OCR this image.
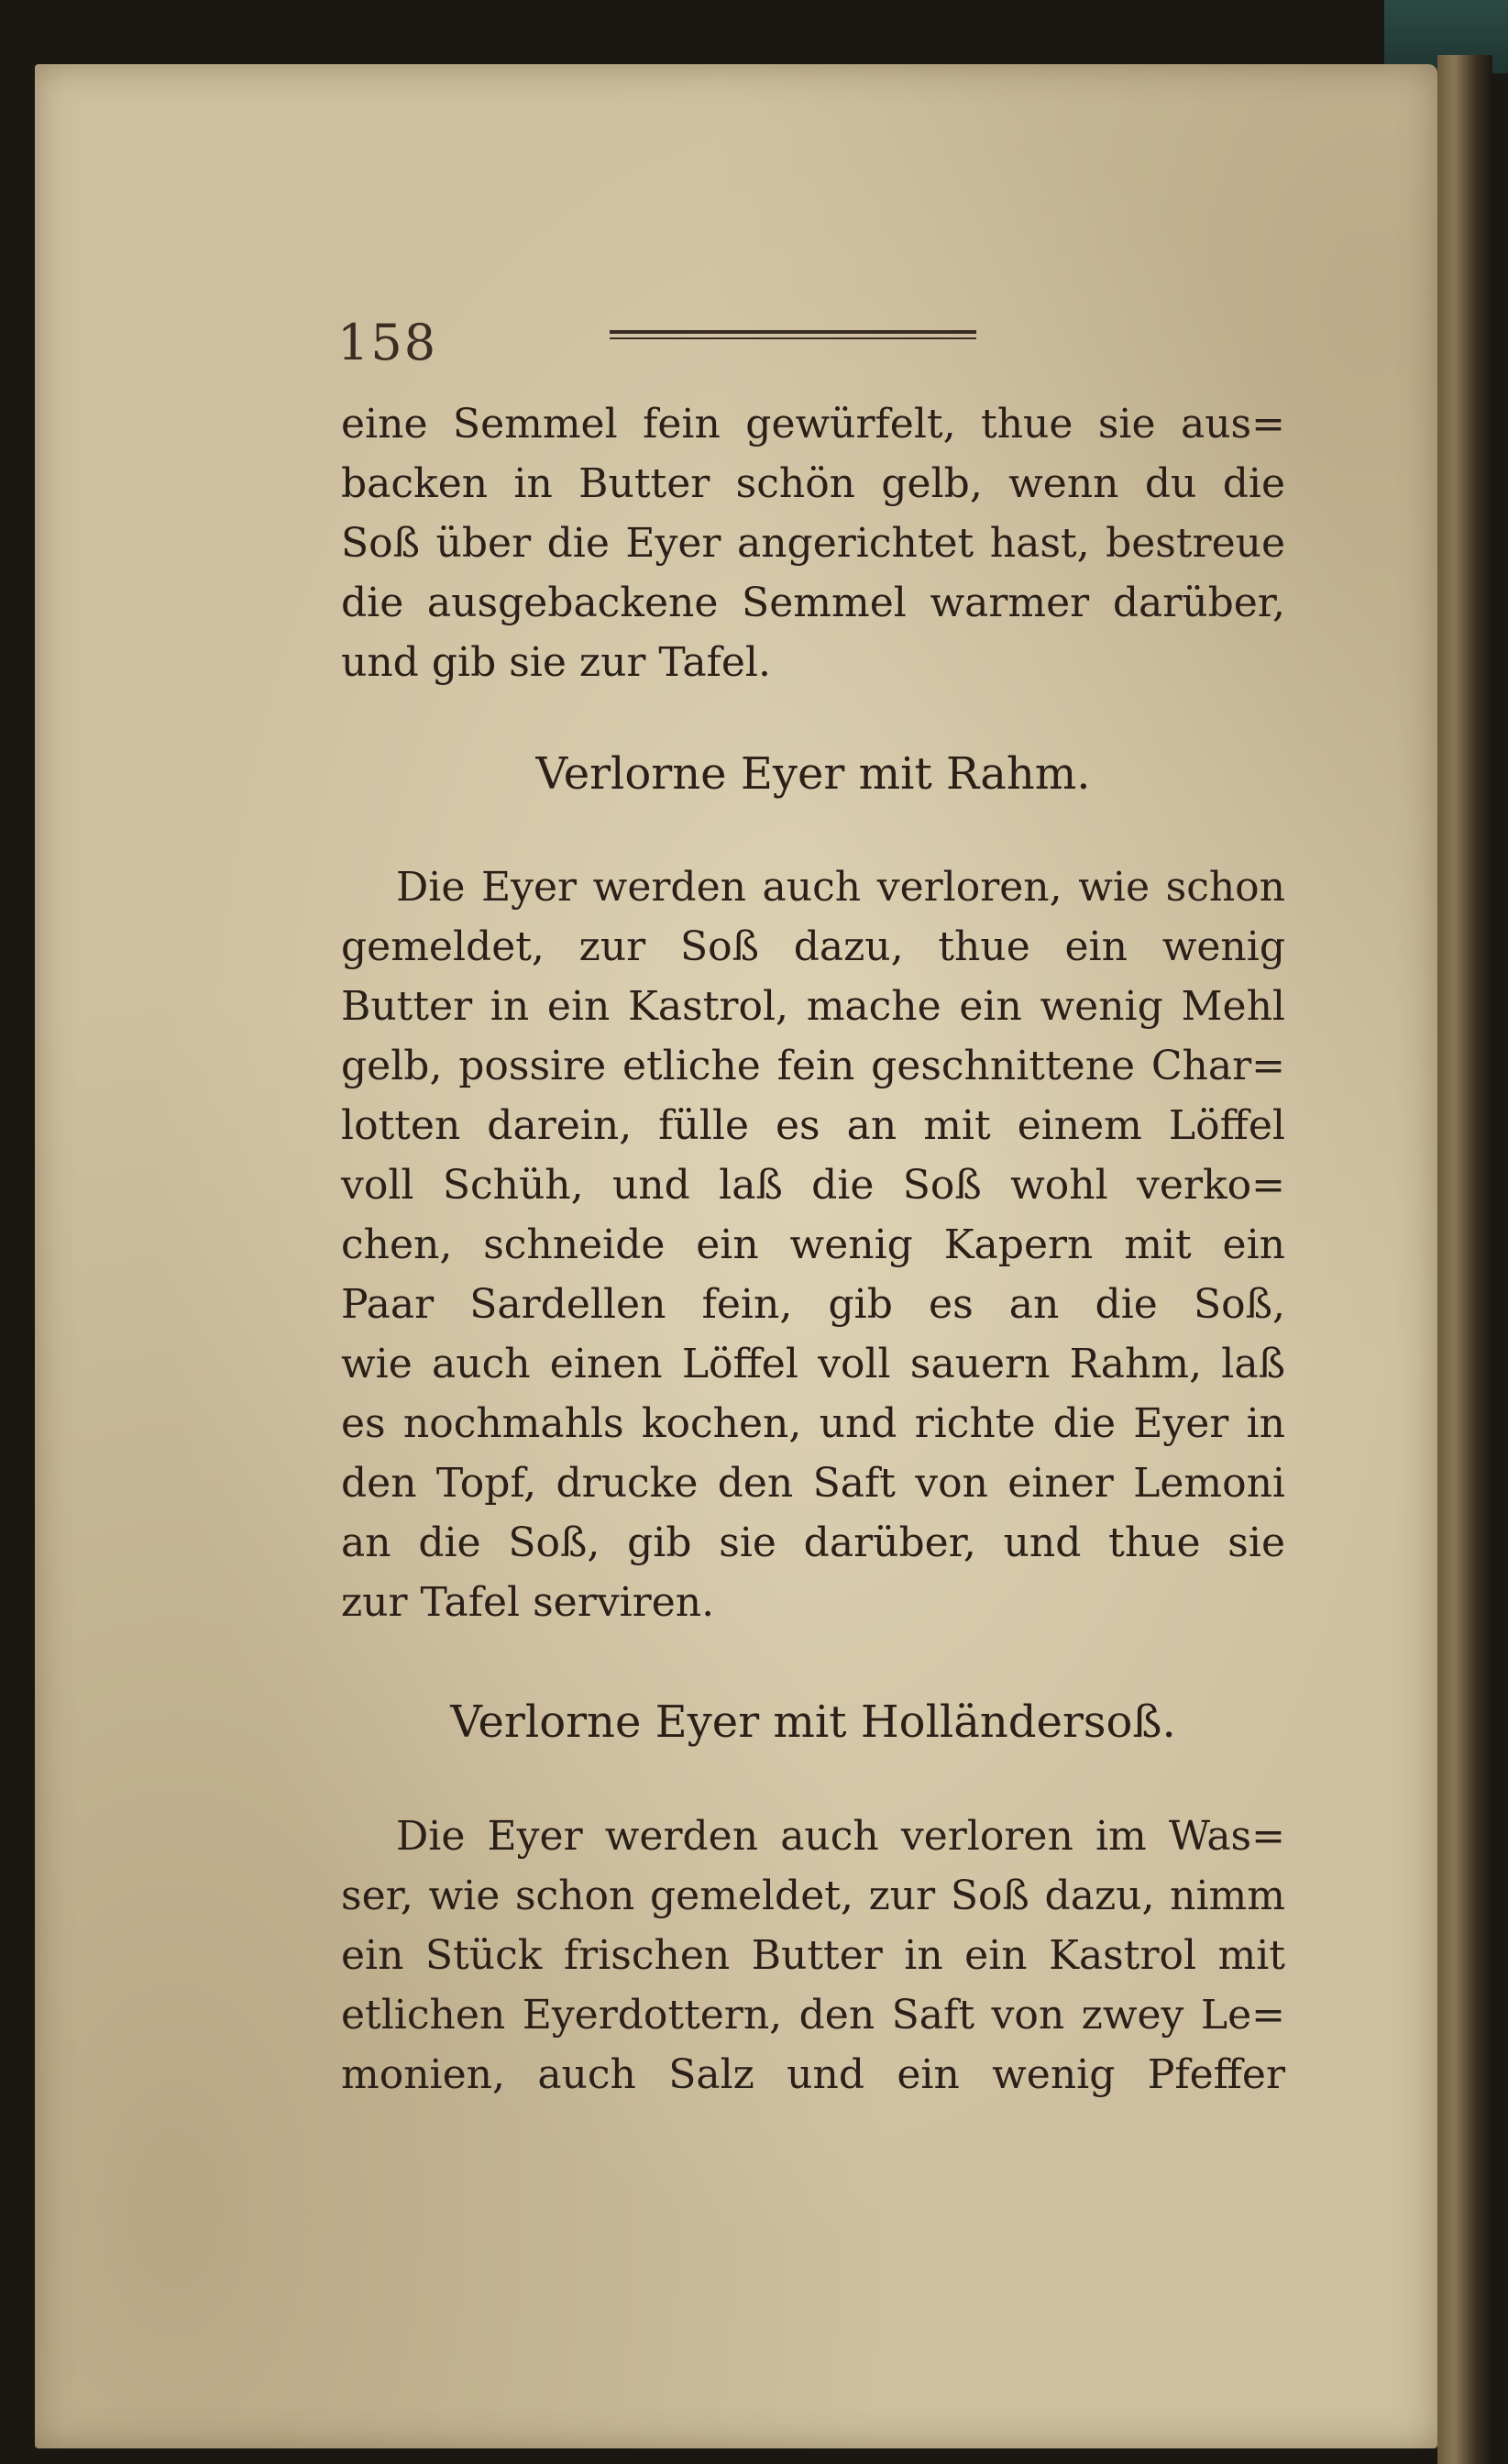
158
eine Semmel fein gewürfelt, thue sie aus=
backen in Butter schön gelb, wenn du die
Soß über die Eyer angerichtet hast, bestreue
die ausgebackene Semmel warmer darüber,
und gib sie zur Tafel.
Verlorne Eyer mit Rahm.
Die Eyer werden auch verloren, wie schon
gemeldet, zur Soß dazu, thue ein wenig
Butter in ein Kastrol, mache ein wenig Mehl
gelb, possire etliche fein geschnittene Char=
lotten darein, fülle es an mit einem Löffel
voll Schüh, und laß die Soß wohl verko=
chen, schneide ein wenig Kapern mit ein
Paar Sardellen fein, gib es an die Soß,
wie auch einen Löffel voll sauern Rahm, laß
es nochmahls kochen, und richte die Eyer in
den Topf, drucke den Saft von einer Lemoni
an die Soß, gib sie darüber, und thue sie
zur Tafel serviren.
Verlorne Eyer mit Holländersoß.
Die Eyer werden auch verloren im Was=
ser, wie schon gemeldet, zur Soß dazu, nimm
ein Stück frischen Butter in ein Kastrol mit
etlichen Eyerdottern, den Saft von zwey Le=
monien, auch Salz und ein wenig Pfeffer
